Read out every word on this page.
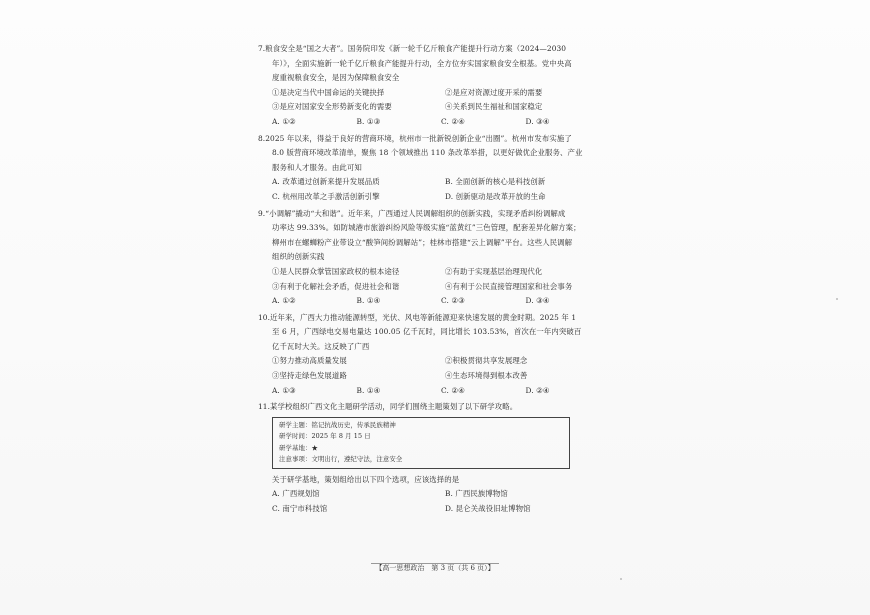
7.粮食安全是“国之大者”。国务院印发《新一轮千亿斤粮食产能提升行动方案（2024—2030

年）》，全面实施新一轮千亿斤粮食产能提升行动，全方位夯实国家粮食安全根基。党中央高

度重视粮食安全，是因为保障粮食安全

①是决定当代中国命运的关键抉择	②是应对资源过度开采的需要
③是应对国家安全形势新变化的需要	④关系到民生福祉和国家稳定
A. ①②	B. ①③	C. ②④	D. ③④

8.2025 年以来，得益于良好的营商环境，杭州市一批新锐创新企业“出圈”。杭州市发布实施了

8.0 版营商环境改革清单，聚焦 18 个领域推出 110 条改革举措，以更好做优企业服务、产业

服务和人才服务。由此可知

A. 改革通过创新来提升发展品质	B. 全面创新的核心是科技创新
C. 杭州用改革之手激活创新引擎	D. 创新驱动是改革开放的生命

9.“小调解”撬动“大和谐”。近年来，广西通过人民调解组织的创新实践，实现矛盾纠纷调解成

功率达 99.33%。如防城港市旅游纠纷风险等级实施“蓝黄红”三色管理，配套差异化解方案；

柳州市在螺蛳粉产业带设立“酸笋间纷调解站”；桂林市搭建“云上调解”平台。这些人民调解

组织的创新实践

①是人民群众掌管国家政权的根本途径	②有助于实现基层治理现代化
③有利于化解社会矛盾，促进社会和谐	④有利于公民直接管理国家和社会事务
A. ①②	B. ①④	C. ②③	D. ③④

10.近年来，广西大力推动能源转型，光伏、风电等新能源迎来快速发展的黄金时期。2025 年 1

至 6 月，广西绿电交易电量达 100.05 亿千瓦时，同比增长 103.53%，首次在一年内突破百

亿千瓦时大关。这反映了广西

①努力推动高质量发展	②积极贯彻共享发展理念
③坚持走绿色发展道路	④生态环境得到根本改善
A. ①③	B. ①④	C. ②④	D. ②④

11.某学校组织广西文化主题研学活动，同学们围绕主题策划了以下研学攻略。

研学主题：铭记抗战历史，传承民族精神
研学时间：2025 年 8 月 15 日
研学基地：★
注意事项：文明出行，遵纪守法，注意安全

关于研学基地，策划组给出以下四个选项，应该选择的是

A. 广西规划馆	B. 广西民族博物馆
C. 南宁市科技馆	D. 昆仑关战役旧址博物馆
【高一思想政治　第 3 页（共 6 页）】
